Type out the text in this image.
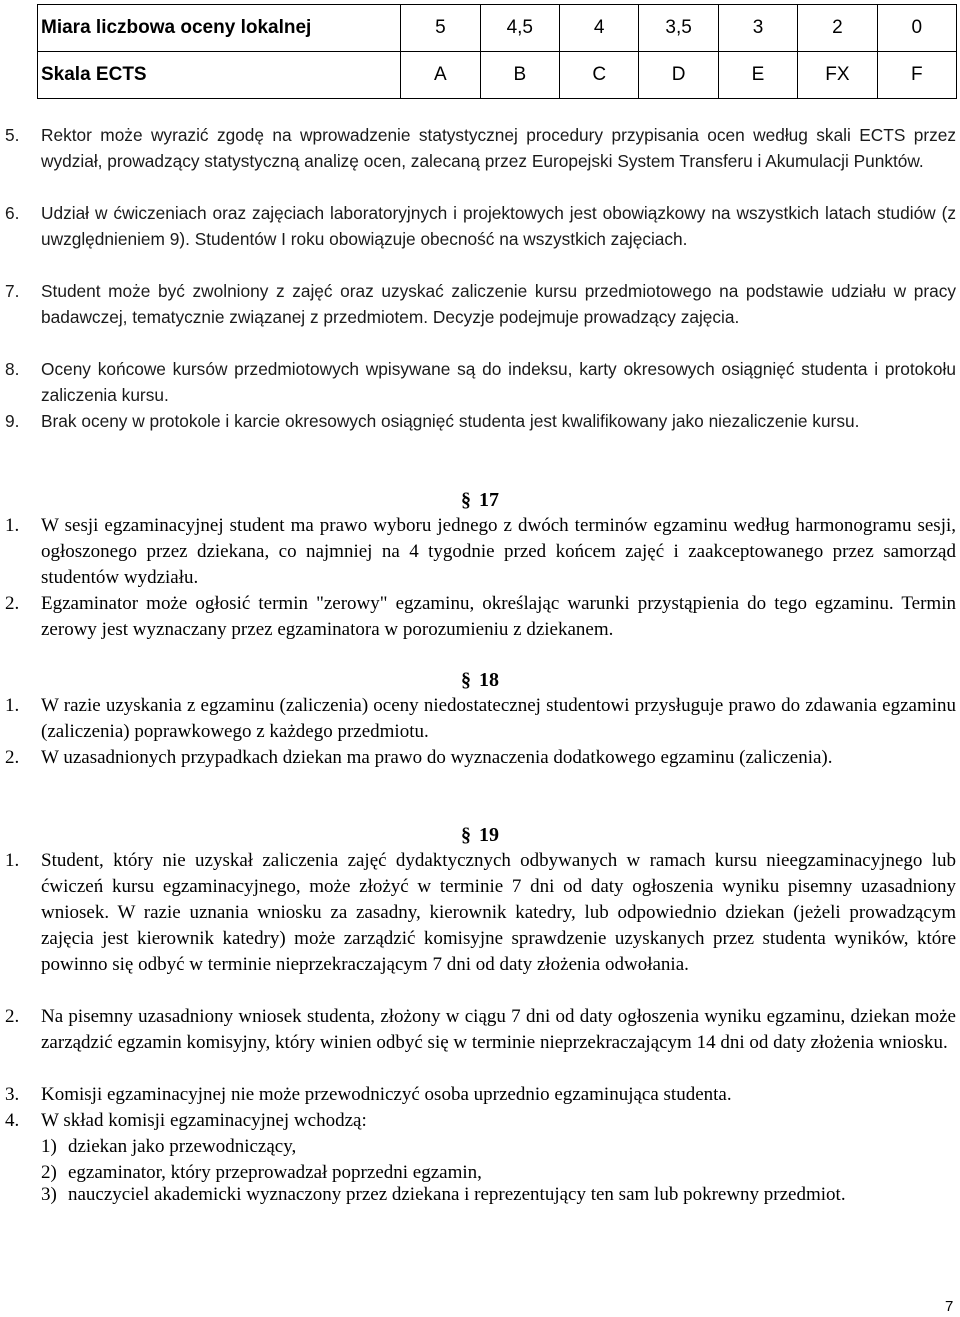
Miara liczbowa oceny lokalnej	5	4,5	4	3,5	3	2	0
Skala ECTS	A	B	C	D	E	FX	F
5. Rektor może wyrazić zgodę na wprowadzenie statystycznej procedury przypisania ocen według skali ECTS przez wydział, prowadzący statystyczną analizę ocen, zalecaną przez Europejski System Transferu i Akumulacji Punktów.
6. Udział w ćwiczeniach oraz zajęciach laboratoryjnych i projektowych jest obowiązkowy na wszystkich latach studiów (z uwzględnieniem 9). Studentów I roku obowiązuje obecność na wszystkich zajęciach.
7. Student może być zwolniony z zajęć oraz uzyskać zaliczenie kursu przedmiotowego na podstawie udziału w pracy badawczej, tematycznie związanej z przedmiotem. Decyzje podejmuje prowadzący zajęcia.
8. Oceny końcowe kursów przedmiotowych wpisywane są do indeksu, karty okresowych osiągnięć studenta i protokołu zaliczenia kursu.
9. Brak oceny w protokole i karcie okresowych osiągnięć studenta jest kwalifikowany jako niezaliczenie kursu.
§ 17
1. W sesji egzaminacyjnej student ma prawo wyboru jednego z dwóch terminów egzaminu według harmonogramu sesji, ogłoszonego przez dziekana, co najmniej na 4 tygodnie przed końcem zajęć i zaakceptowanego przez samorząd studentów wydziału.
2. Egzaminator może ogłosić termin "zerowy" egzaminu, określając warunki przystąpienia do tego egzaminu. Termin zerowy jest wyznaczany przez egzaminatora w porozumieniu z dziekanem.
§ 18
1. W razie uzyskania z egzaminu (zaliczenia) oceny niedostatecznej studentowi przysługuje prawo do zdawania egzaminu (zaliczenia) poprawkowego z każdego przedmiotu.
2. W uzasadnionych przypadkach dziekan ma prawo do wyznaczenia dodatkowego egzaminu (zaliczenia).
§ 19
1. Student, który nie uzyskał zaliczenia zajęć dydaktycznych odbywanych w ramach kursu nieegzaminacyjnego lub ćwiczeń kursu egzaminacyjnego, może złożyć w terminie 7 dni od daty ogłoszenia wyniku pisemny uzasadniony wniosek. W razie uznania wniosku za zasadny, kierownik katedry, lub odpowiednio dziekan (jeżeli prowadzącym zajęcia jest kierownik katedry) może zarządzić komisyjne sprawdzenie uzyskanych przez studenta wyników, które powinno się odbyć w terminie nieprzekraczającym 7 dni od daty złożenia odwołania.
2. Na pisemny uzasadniony wniosek studenta, złożony w ciągu 7 dni od daty ogłoszenia wyniku egzaminu, dziekan może zarządzić egzamin komisyjny, który winien odbyć się w terminie nieprzekraczającym 14 dni od daty złożenia wniosku.
3. Komisji egzaminacyjnej nie może przewodniczyć osoba uprzednio egzaminująca studenta.
4. W skład komisji egzaminacyjnej wchodzą:
1) dziekan jako przewodniczący,
2) egzaminator, który przeprowadzał poprzedni egzamin,
3) nauczyciel akademicki wyznaczony przez dziekana i reprezentujący ten sam lub pokrewny przedmiot.
7
